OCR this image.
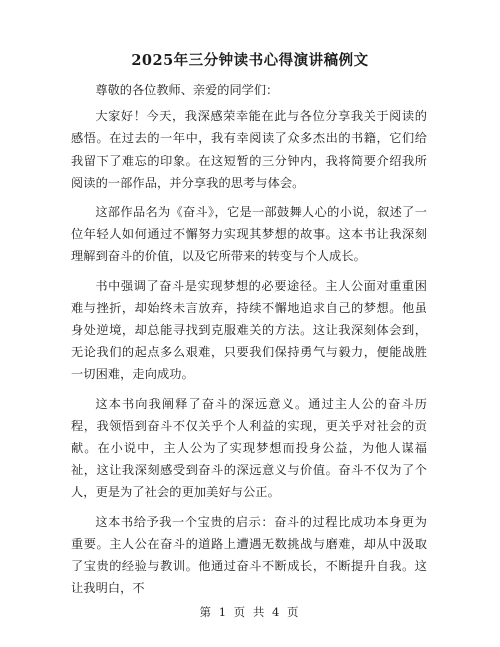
2025年三分钟读书心得演讲稿例文

尊敬的各位教师、亲爱的同学们：

大家好！今天，我深感荣幸能在此与各位分享我关于阅读的感悟。在过去的一年中，我有幸阅读了众多杰出的书籍，它们给我留下了难忘的印象。在这短暂的三分钟内，我将简要介绍我所阅读的一部作品，并分享我的思考与体会。

这部作品名为《奋斗》，它是一部鼓舞人心的小说，叙述了一位年轻人如何通过不懈努力实现其梦想的故事。这本书让我深刻理解到奋斗的价值，以及它所带来的转变与个人成长。

书中强调了奋斗是实现梦想的必要途径。主人公面对重重困难与挫折，却始终未言放弃，持续不懈地追求自己的梦想。他虽身处逆境，却总能寻找到克服难关的方法。这让我深刻体会到，无论我们的起点多么艰难，只要我们保持勇气与毅力，便能战胜一切困难，走向成功。

这本书向我阐释了奋斗的深远意义。通过主人公的奋斗历程，我领悟到奋斗不仅关乎个人利益的实现，更关乎对社会的贡献。在小说中，主人公为了实现梦想而投身公益，为他人谋福祉，这让我深刻感受到奋斗的深远意义与价值。奋斗不仅为了个人，更是为了社会的更加美好与公正。

这本书给予我一个宝贵的启示：奋斗的过程比成功本身更为重要。主人公在奋斗的道路上遭遇无数挑战与磨难，却从中汲取了宝贵的经验与教训。他通过奋斗不断成长，不断提升自我。这让我明白，不

第 1 页 共 4 页
